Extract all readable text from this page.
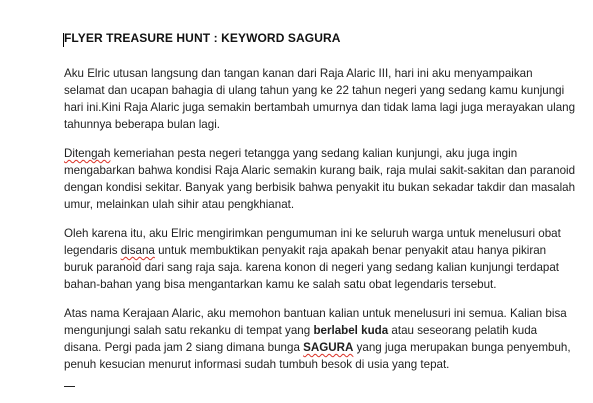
FLYER TREASURE HUNT : KEYWORD SAGURA

Aku Elric utusan langsung dan tangan kanan dari Raja Alaric III, hari ini aku menyampaikan selamat dan ucapan bahagia di ulang tahun yang ke 22 tahun negeri yang sedang kamu kunjungi hari ini.Kini Raja Alaric juga semakin bertambah umurnya dan tidak lama lagi juga merayakan ulang tahunnya beberapa bulan lagi.

Ditengah kemeriahan pesta negeri tetangga yang sedang kalian kunjungi, aku juga ingin mengabarkan bahwa kondisi Raja Alaric semakin kurang baik, raja mulai sakit-sakitan dan paranoid dengan kondisi sekitar. Banyak yang berbisik bahwa penyakit itu bukan sekadar takdir dan masalah umur, melainkan ulah sihir atau pengkhianat.

Oleh karena itu, aku Elric mengirimkan pengumuman ini ke seluruh warga untuk menelusuri obat legendaris disana untuk membuktikan penyakit raja apakah benar penyakit atau hanya pikiran buruk paranoid dari sang raja saja. karena konon di negeri yang sedang kalian kunjungi terdapat bahan-bahan yang bisa mengantarkan kamu ke salah satu obat legendaris tersebut.

Atas nama Kerajaan Alaric, aku memohon bantuan kalian untuk menelusuri ini semua. Kalian bisa mengunjungi salah satu rekanku di tempat yang berlabel kuda atau seseorang pelatih kuda disana. Pergi pada jam 2 siang dimana bunga SAGURA yang juga merupakan bunga penyembuh, penuh kesucian menurut informasi sudah tumbuh besok di usia yang tepat.
